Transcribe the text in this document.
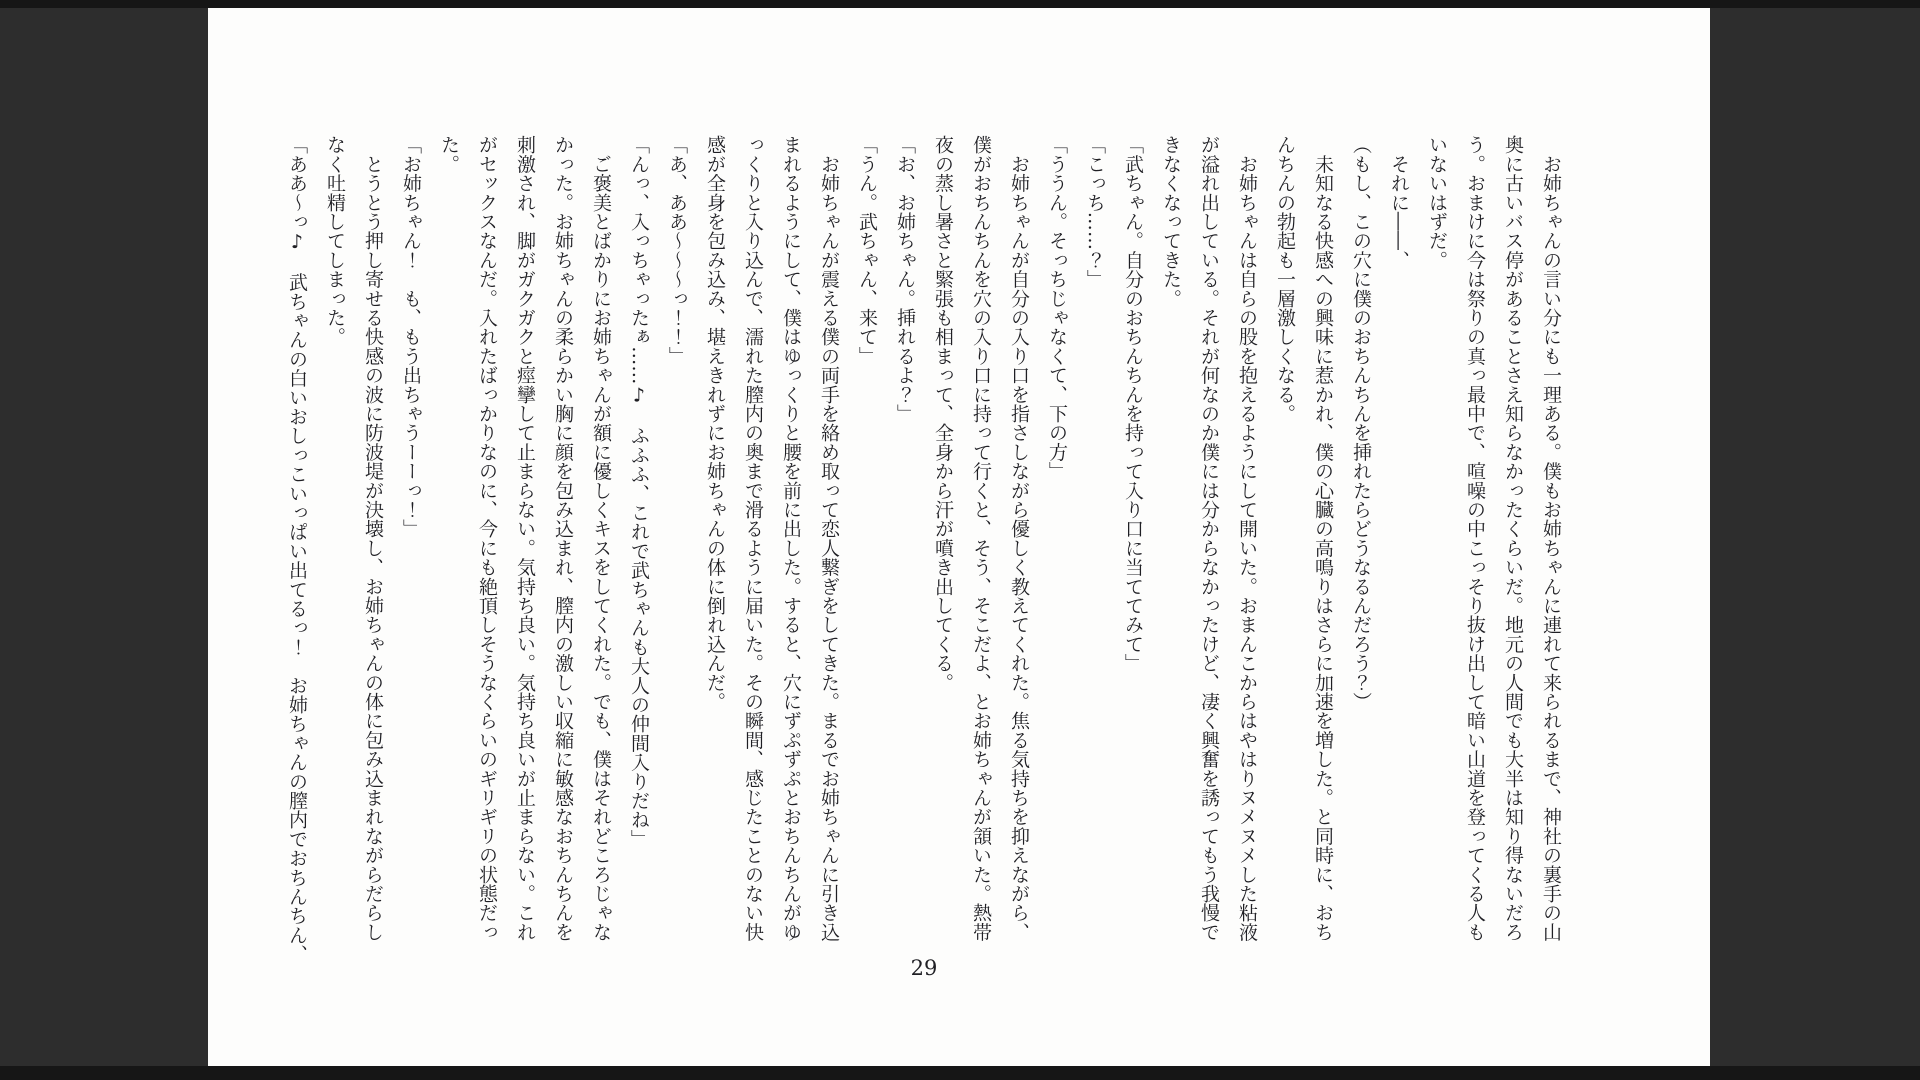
　お姉ちゃんの言い分にも一理ある。僕もお姉ちゃんに連れて来られるまで、神社の裏手の山
奥に古いバス停があることさえ知らなかったくらいだ。地元の人間でも大半は知り得ないだろ
う。おまけに今は祭りの真っ最中で、喧噪の中こっそり抜け出して暗い山道を登ってくる人も
いないはずだ。
　それに――、
（もし、この穴に僕のおちんちんを挿れたらどうなるんだろう？）
　未知なる快感への興味に惹かれ、僕の心臓の高鳴りはさらに加速を増した。と同時に、おち
んちんの勃起も一層激しくなる。
　お姉ちゃんは自らの股を抱えるようにして開いた。おまんこからはやはりヌメヌメした粘液
が溢れ出している。それが何なのか僕には分からなかったけど、凄く興奮を誘ってもう我慢で
きなくなってきた。
「武ちゃん。自分のおちんちんを持って入り口に当ててみて」
「こっち……？」
「ううん。そっちじゃなくて、下の方」
　お姉ちゃんが自分の入り口を指さしながら優しく教えてくれた。焦る気持ちを抑えながら、
僕がおちんちんを穴の入り口に持って行くと、そう、そこだよ、とお姉ちゃんが頷いた。熱帯
夜の蒸し暑さと緊張も相まって、全身から汗が噴き出してくる。
「お、お姉ちゃん。挿れるよ？」
「うん。武ちゃん、来て」
　お姉ちゃんが震える僕の両手を絡め取って恋人繋ぎをしてきた。まるでお姉ちゃんに引き込
まれるようにして、僕はゆっくりと腰を前に出した。すると、穴にずぷずぷとおちんちんがゆ
っくりと入り込んで、濡れた膣内の奥まで滑るように届いた。その瞬間、感じたことのない快
感が全身を包み込み、堪えきれずにお姉ちゃんの体に倒れ込んだ。
「あ、ああ～～～っ！！」
「んっ、入っちゃったぁ……♪　ふふふ、これで武ちゃんも大人の仲間入りだね」
　ご褒美とばかりにお姉ちゃんが額に優しくキスをしてくれた。でも、僕はそれどころじゃな
かった。お姉ちゃんの柔らかい胸に顔を包み込まれ、膣内の激しい収縮に敏感なおちんちんを
刺激され、脚がガクガクと痙攣して止まらない。気持ち良い。気持ち良いが止まらない。これ
がセックスなんだ。入れたばっかりなのに、今にも絶頂しそうなくらいのギリギリの状態だっ
た。
「お姉ちゃん！　も、もう出ちゃうーーっ！」
　とうとう押し寄せる快感の波に防波堤が決壊し、お姉ちゃんの体に包み込まれながらだらし
なく吐精してしまった。
「ああ～っ♪　武ちゃんの白いおしっこいっぱい出てるっ！　お姉ちゃんの膣内でおちんちん、
29
